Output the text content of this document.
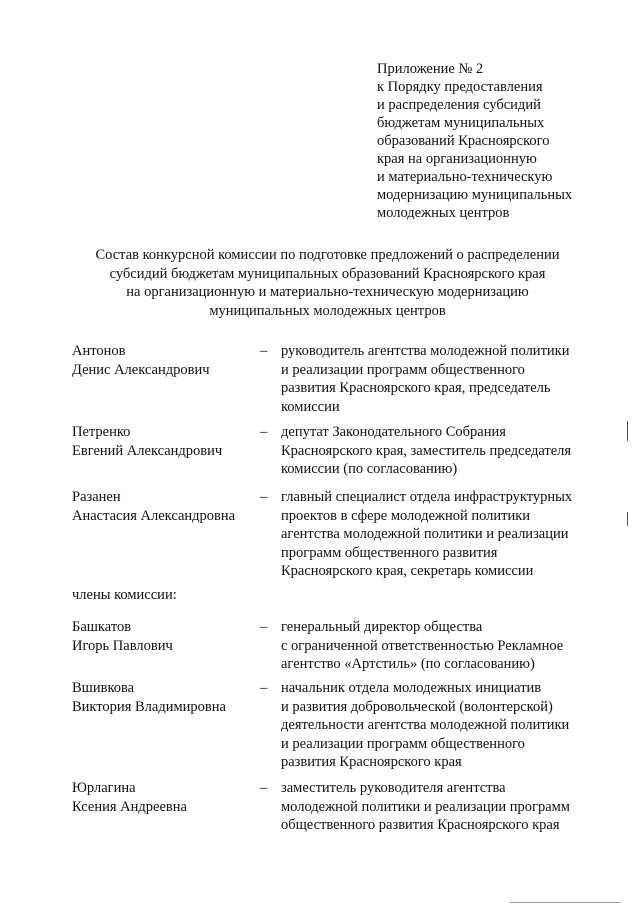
Приложение № 2
к Порядку предоставления
и распределения субсидий
бюджетам муниципальных
образований Красноярского
края на организационную
и материально-техническую
модернизацию муниципальных
молодежных центров
Состав конкурсной комиссии по подготовке предложений о распределении
субсидий бюджетам муниципальных образований Красноярского края
на организационную и материально-техническую модернизацию
муниципальных молодежных центров
Антонов
Денис Александрович
– руководитель агентства молодежной политики
и реализации программ общественного
развития Красноярского края, председатель
комиссии
Петренко
Евгений Александрович
– депутат Законодательного Собрания
Красноярского края, заместитель председателя
комиссии (по согласованию)
Разанен
Анастасия Александровна
– главный специалист отдела инфраструктурных
проектов в сфере молодежной политики
агентства молодежной политики и реализации
программ общественного развития
Красноярского края, секретарь комиссии
члены комиссии:
Башкатов
Игорь Павлович
– генеральный директор общества
с ограниченной ответственностью Рекламное
агентство «Артстиль» (по согласованию)
Вшивкова
Виктория Владимировна
– начальник отдела молодежных инициатив
и развития добровольческой (волонтерской)
деятельности агентства молодежной политики
и реализации программ общественного
развития Красноярского края
Юрлагина
Ксения Андреевна
– заместитель руководителя агентства
молодежной политики и реализации программ
общественного развития Красноярского края
